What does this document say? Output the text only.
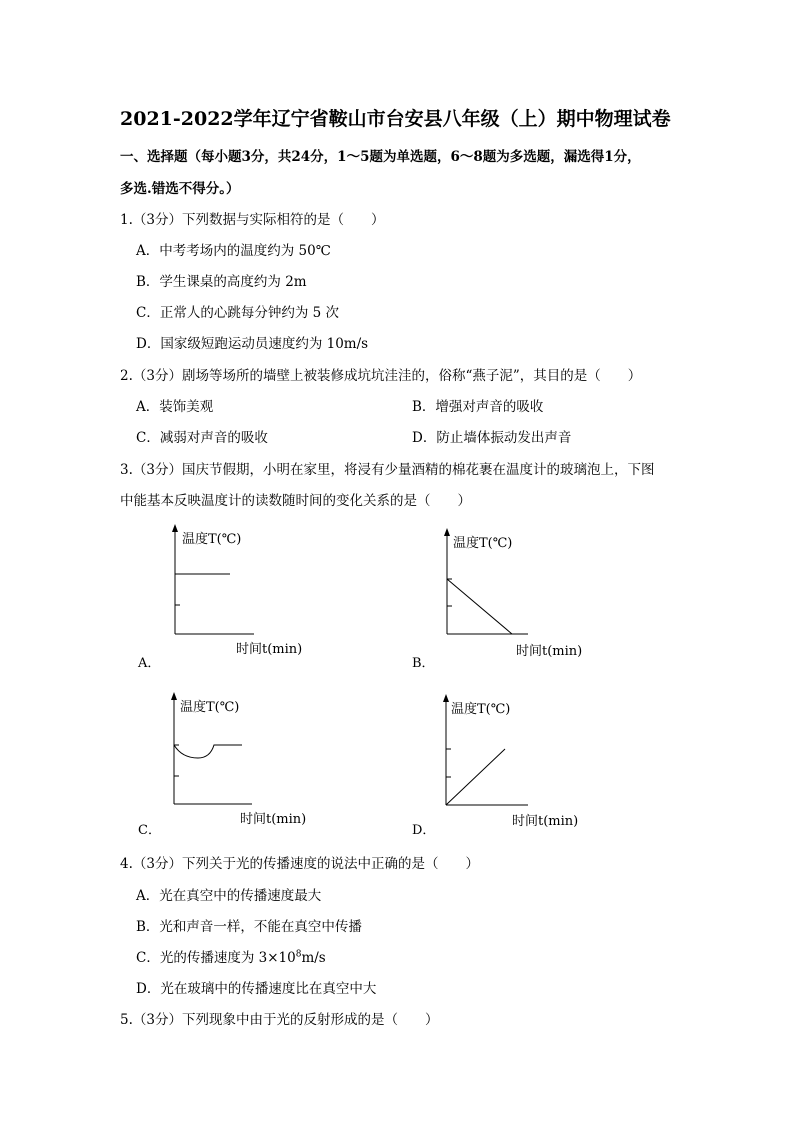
2021-2022学年辽宁省鞍山市台安县八年级（上）期中物理试卷
一、选择题（每小题3分，共24分，1～5题为单选题，6～8题为多选题，漏选得1分，
多选.错选不得分。）
1.（3分）下列数据与实际相符的是（　　）
A．中考考场内的温度约为 50℃
B．学生课桌的高度约为 2m
C．正常人的心跳每分钟约为 5 次
D．国家级短跑运动员速度约为 10m/s
2.（3分）剧场等场所的墙壁上被装修成坑坑洼洼的，俗称“燕子泥”，其目的是（　　）
A．装饰美观	B．增强对声音的吸收
C．减弱对声音的吸收	D．防止墙体振动发出声音
3.（3分）国庆节假期，小明在家里，将浸有少量酒精的棉花裹在温度计的玻璃泡上，下图
中能基本反映温度计的读数随时间的变化关系的是（　　）
温度T(℃)
时间t(min)
A．
温度T(℃)
时间t(min)
B．
温度T(℃)
时间t(min)
C．
温度T(℃)
时间t(min)
D．
4.（3分）下列关于光的传播速度的说法中正确的是（　　）
A．光在真空中的传播速度最大
B．光和声音一样，不能在真空中传播
C．光的传播速度为 $3\times 10^8m/s$
D．光在玻璃中的传播速度比在真空中大
5.（3分）下列现象中由于光的反射形成的是（　　）
